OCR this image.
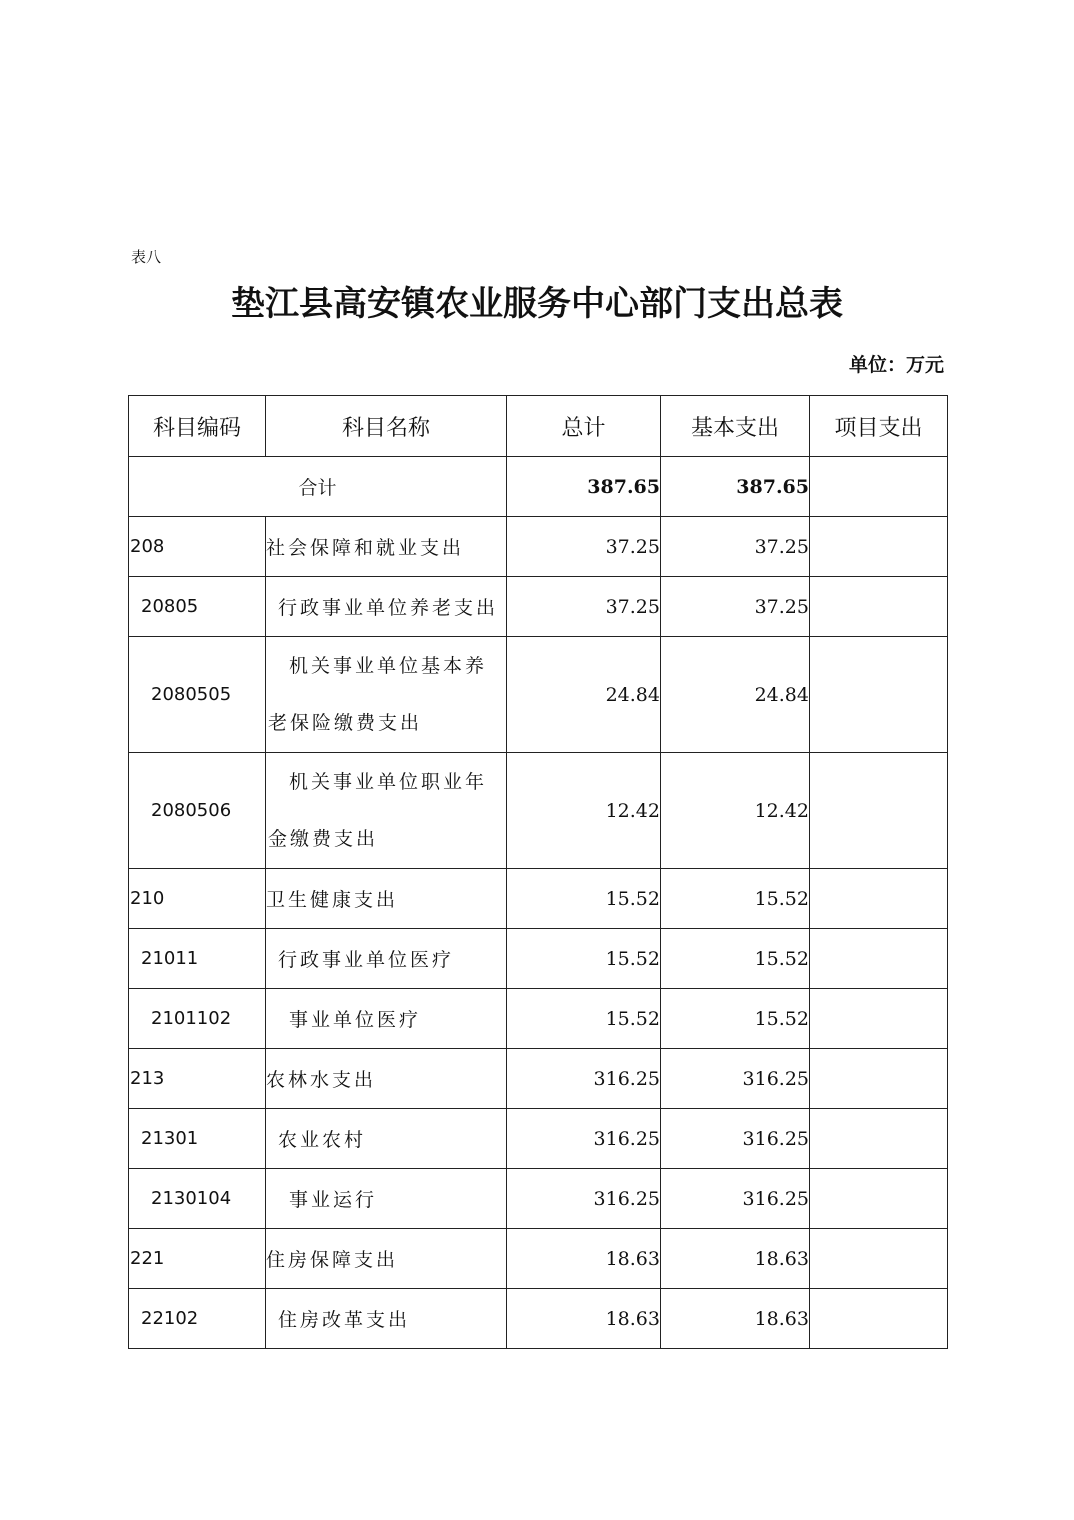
表八
垫江县高安镇农业服务中心部门支出总表
单位：万元
科目编码	科目名称	总计	基本支出	项目支出
合计		387.65	387.65	
208	社会保障和就业支出	37.25	37.25	
20805	行政事业单位养老支出	37.25	37.25	
2080505	机关事业单位基本养老保险缴费支出	24.84	24.84	
2080506	机关事业单位职业年金缴费支出	12.42	12.42	
210	卫生健康支出	15.52	15.52	
21011	行政事业单位医疗	15.52	15.52	
2101102	事业单位医疗	15.52	15.52	
213	农林水支出	316.25	316.25	
21301	农业农村	316.25	316.25	
2130104	事业运行	316.25	316.25	
221	住房保障支出	18.63	18.63	
22102	住房改革支出	18.63	18.63	
